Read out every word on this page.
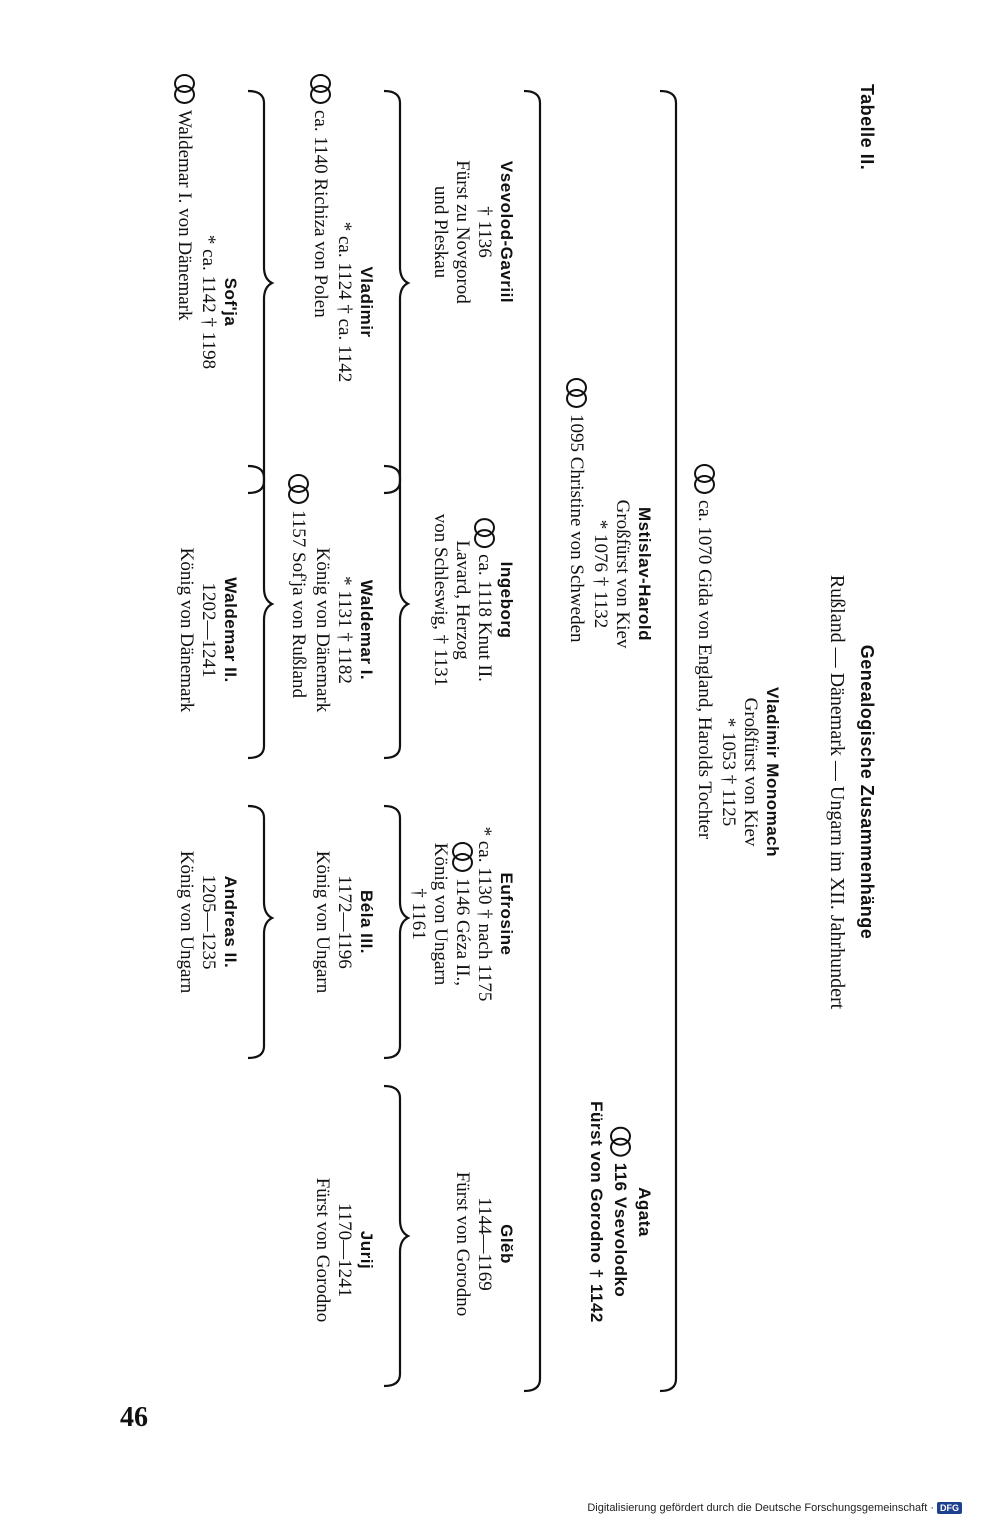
Tabelle II.
Genealogische Zusammenhänge
Rußland — Dänemark — Ungarn im XII. Jahrhundert
Vladimir Monomach
Großfürst von Kiev
* 1053 † 1125
ca. 1070 Gida von England, Harolds Tochter
Mstislav-Harold
Großfürst von Kiev
* 1076 † 1132
1095 Christine von Schweden
Agata
116 Vsevolodko
Fürst von Gorodno † 1142
Vsevolod-Gavriil
† 1136
Fürst zu Novgorod
und Pleskau
Ingeborg
ca. 1118 Knut II.
Lavard, Herzog
von Schleswig, † 1131
Eufrosine
* ca. 1130 † nach 1175
1146 Géza II.,
König von Ungarn
† 1161
Glĕb
1144—1169
Fürst von Gorodno
Vladimir
* ca. 1124 † ca. 1142
ca. 1140 Richiza von Polen
Waldemar I.
* 1131 † 1182
König von Dänemark
1157 Sof'ja von Rußland
Béla III.
1172—1196
König von Ungarn
Jurij
1170—1241
Fürst von Gorodno
Sof'ja
* ca. 1142 † 1198
Waldemar I. von Dänemark
Waldemar II.
1202—1241
König von Dänemark
Andreas II.
1205—1235
König von Ungarn
46
Digitalisierung gefördert durch die Deutsche Forschungsgemeinschaft · DFG
